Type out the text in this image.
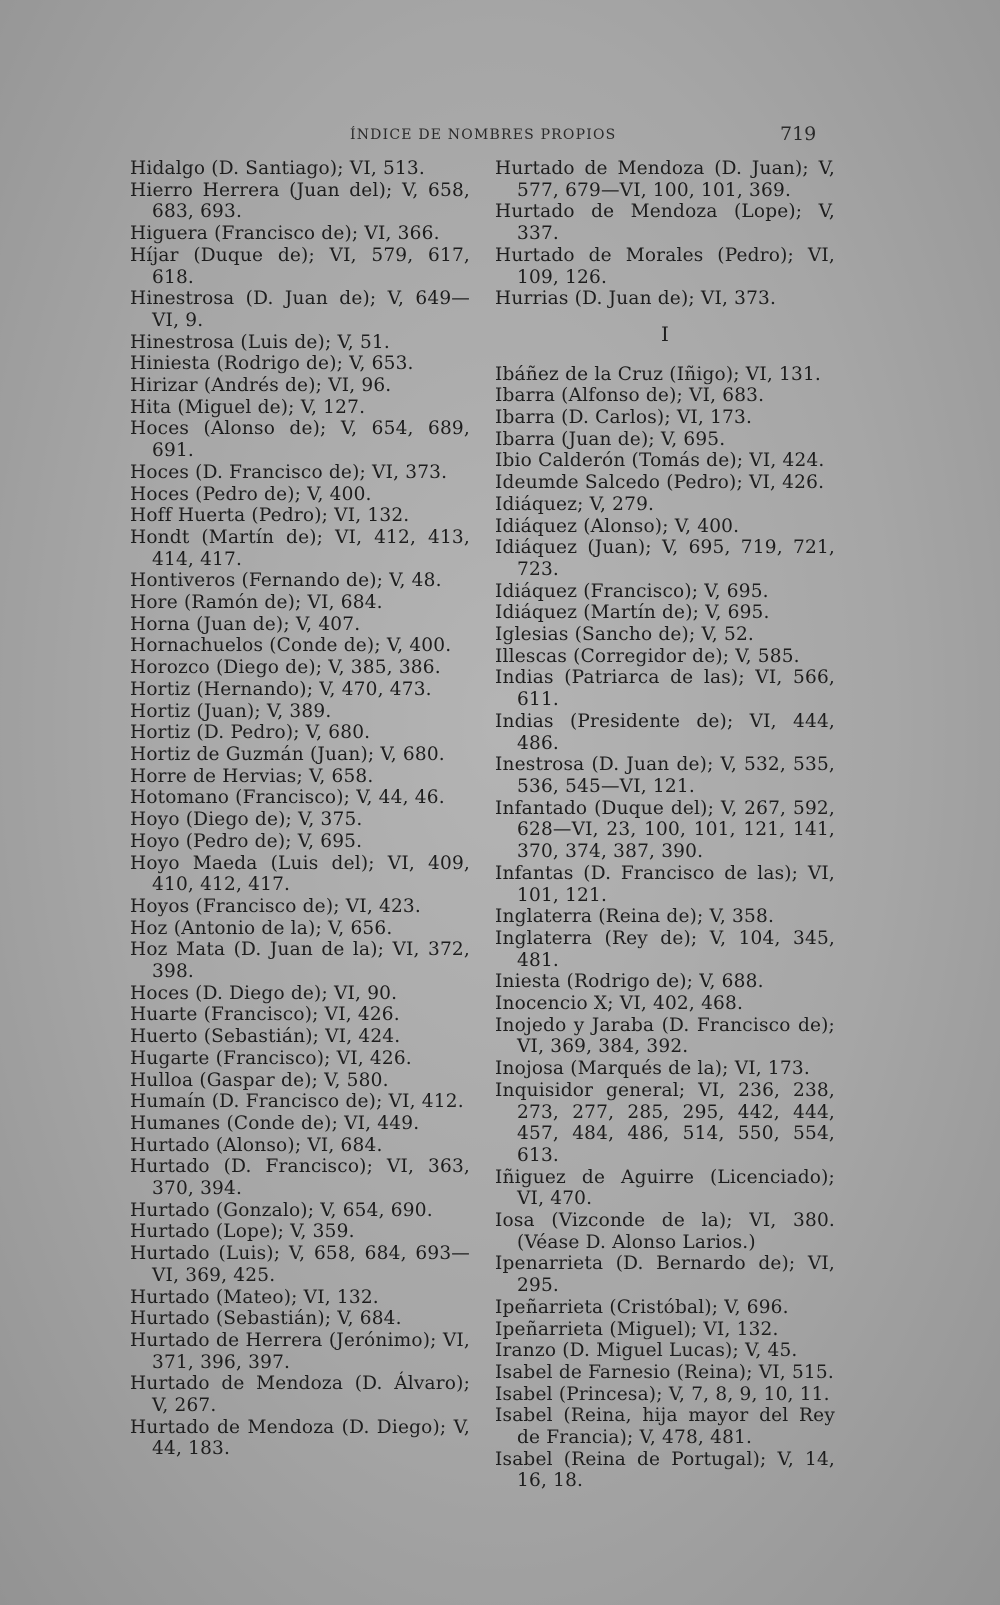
ÍNDICE DE NOMBRES PROPIOS	719
Hidalgo (D. Santiago); VI, 513.
Hierro Herrera (Juan del); V, 658, 683, 693.
Higuera (Francisco de); VI, 366.
Híjar (Duque de); VI, 579, 617, 618.
Hinestrosa (D. Juan de); V, 649—VI, 9.
Hinestrosa (Luis de); V, 51.
Hiniesta (Rodrigo de); V, 653.
Hirizar (Andrés de); VI, 96.
Hita (Miguel de); V, 127.
Hoces (Alonso de); V, 654, 689, 691.
Hoces (D. Francisco de); VI, 373.
Hoces (Pedro de); V, 400.
Hoff Huerta (Pedro); VI, 132.
Hondt (Martín de); VI, 412, 413, 414, 417.
Hontiveros (Fernando de); V, 48.
Hore (Ramón de); VI, 684.
Horna (Juan de); V, 407.
Hornachuelos (Conde de); V, 400.
Horozco (Diego de); V, 385, 386.
Hortiz (Hernando); V, 470, 473.
Hortiz (Juan); V, 389.
Hortiz (D. Pedro); V, 680.
Hortiz de Guzmán (Juan); V, 680.
Horre de Hervias; V, 658.
Hotomano (Francisco); V, 44, 46.
Hoyo (Diego de); V, 375.
Hoyo (Pedro de); V, 695.
Hoyo Maeda (Luis del); VI, 409, 410, 412, 417.
Hoyos (Francisco de); VI, 423.
Hoz (Antonio de la); V, 656.
Hoz Mata (D. Juan de la); VI, 372, 398.
Hoces (D. Diego de); VI, 90.
Huarte (Francisco); VI, 426.
Huerto (Sebastián); VI, 424.
Hugarte (Francisco); VI, 426.
Hulloa (Gaspar de); V, 580.
Humaín (D. Francisco de); VI, 412.
Humanes (Conde de); VI, 449.
Hurtado (Alonso); VI, 684.
Hurtado (D. Francisco); VI, 363, 370, 394.
Hurtado (Gonzalo); V, 654, 690.
Hurtado (Lope); V, 359.
Hurtado (Luis); V, 658, 684, 693—VI, 369, 425.
Hurtado (Mateo); VI, 132.
Hurtado (Sebastián); V, 684.
Hurtado de Herrera (Jerónimo); VI, 371, 396, 397.
Hurtado de Mendoza (D. Álvaro); V, 267.
Hurtado de Mendoza (D. Diego); V, 44, 183.
Hurtado de Mendoza (D. Juan); V, 577, 679—VI, 100, 101, 369.
Hurtado de Mendoza (Lope); V, 337.
Hurtado de Morales (Pedro); VI, 109, 126.
Hurrias (D. Juan de); VI, 373.
I
Ibáñez de la Cruz (Iñigo); VI, 131.
Ibarra (Alfonso de); VI, 683.
Ibarra (D. Carlos); VI, 173.
Ibarra (Juan de); V, 695.
Ibio Calderón (Tomás de); VI, 424.
Ideumde Salcedo (Pedro); VI, 426.
Idiáquez; V, 279.
Idiáquez (Alonso); V, 400.
Idiáquez (Juan); V, 695, 719, 721, 723.
Idiáquez (Francisco); V, 695.
Idiáquez (Martín de); V, 695.
Iglesias (Sancho de); V, 52.
Illescas (Corregidor de); V, 585.
Indias (Patriarca de las); VI, 566, 611.
Indias (Presidente de); VI, 444, 486.
Inestrosa (D. Juan de); V, 532, 535, 536, 545—VI, 121.
Infantado (Duque del); V, 267, 592, 628—VI, 23, 100, 101, 121, 141, 370, 374, 387, 390.
Infantas (D. Francisco de las); VI, 101, 121.
Inglaterra (Reina de); V, 358.
Inglaterra (Rey de); V, 104, 345, 481.
Iniesta (Rodrigo de); V, 688.
Inocencio X; VI, 402, 468.
Inojedo y Jaraba (D. Francisco de); VI, 369, 384, 392.
Inojosa (Marqués de la); VI, 173.
Inquisidor general; VI, 236, 238, 273, 277, 285, 295, 442, 444, 457, 484, 486, 514, 550, 554, 613.
Iñiguez de Aguirre (Licenciado); VI, 470.
Iosa (Vizconde de la); VI, 380. (Véase D. Alonso Larios.)
Ipenarrieta (D. Bernardo de); VI, 295.
Ipeñarrieta (Cristóbal); V, 696.
Ipeñarrieta (Miguel); VI, 132.
Iranzo (D. Miguel Lucas); V, 45.
Isabel de Farnesio (Reina); VI, 515.
Isabel (Princesa); V, 7, 8, 9, 10, 11.
Isabel (Reina, hija mayor del Rey de Francia); V, 478, 481.
Isabel (Reina de Portugal); V, 14, 16, 18.
